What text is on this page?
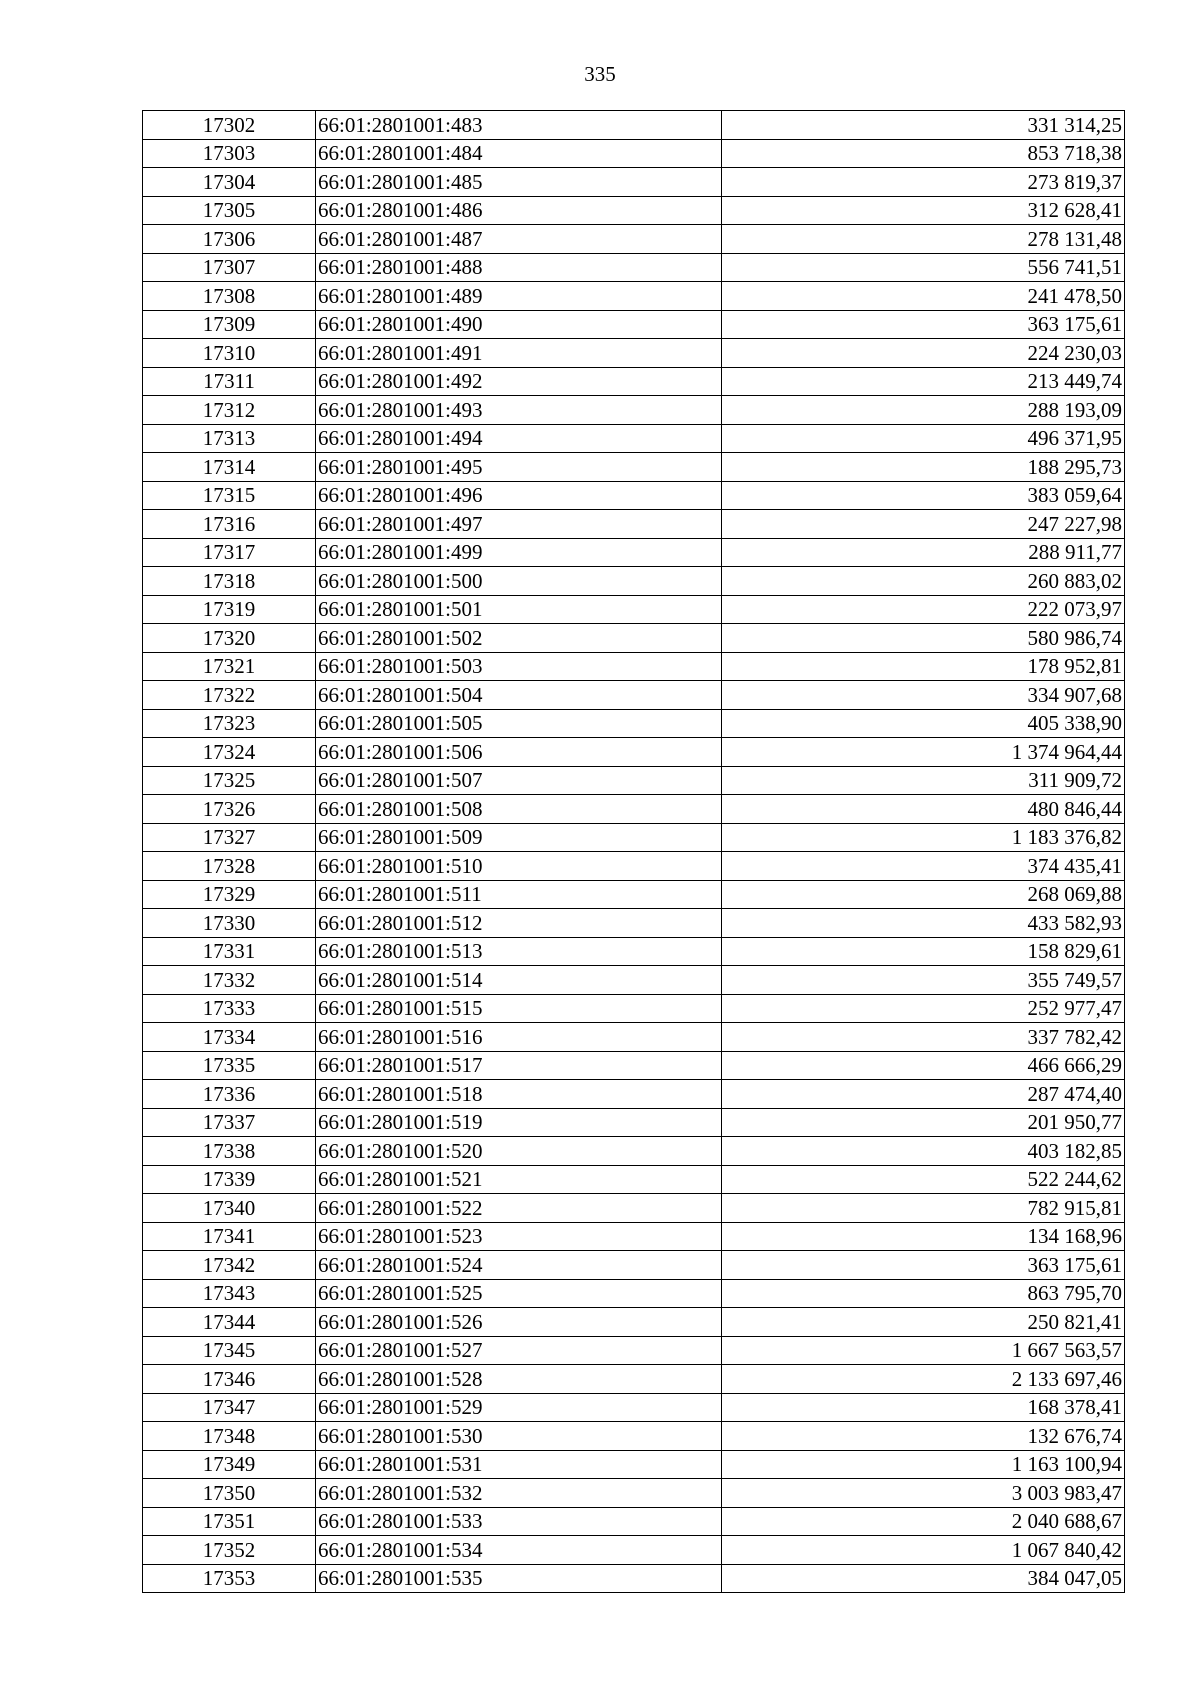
335
17302	66:01:2801001:483	331 314,25
17303	66:01:2801001:484	853 718,38
17304	66:01:2801001:485	273 819,37
17305	66:01:2801001:486	312 628,41
17306	66:01:2801001:487	278 131,48
17307	66:01:2801001:488	556 741,51
17308	66:01:2801001:489	241 478,50
17309	66:01:2801001:490	363 175,61
17310	66:01:2801001:491	224 230,03
17311	66:01:2801001:492	213 449,74
17312	66:01:2801001:493	288 193,09
17313	66:01:2801001:494	496 371,95
17314	66:01:2801001:495	188 295,73
17315	66:01:2801001:496	383 059,64
17316	66:01:2801001:497	247 227,98
17317	66:01:2801001:499	288 911,77
17318	66:01:2801001:500	260 883,02
17319	66:01:2801001:501	222 073,97
17320	66:01:2801001:502	580 986,74
17321	66:01:2801001:503	178 952,81
17322	66:01:2801001:504	334 907,68
17323	66:01:2801001:505	405 338,90
17324	66:01:2801001:506	1 374 964,44
17325	66:01:2801001:507	311 909,72
17326	66:01:2801001:508	480 846,44
17327	66:01:2801001:509	1 183 376,82
17328	66:01:2801001:510	374 435,41
17329	66:01:2801001:511	268 069,88
17330	66:01:2801001:512	433 582,93
17331	66:01:2801001:513	158 829,61
17332	66:01:2801001:514	355 749,57
17333	66:01:2801001:515	252 977,47
17334	66:01:2801001:516	337 782,42
17335	66:01:2801001:517	466 666,29
17336	66:01:2801001:518	287 474,40
17337	66:01:2801001:519	201 950,77
17338	66:01:2801001:520	403 182,85
17339	66:01:2801001:521	522 244,62
17340	66:01:2801001:522	782 915,81
17341	66:01:2801001:523	134 168,96
17342	66:01:2801001:524	363 175,61
17343	66:01:2801001:525	863 795,70
17344	66:01:2801001:526	250 821,41
17345	66:01:2801001:527	1 667 563,57
17346	66:01:2801001:528	2 133 697,46
17347	66:01:2801001:529	168 378,41
17348	66:01:2801001:530	132 676,74
17349	66:01:2801001:531	1 163 100,94
17350	66:01:2801001:532	3 003 983,47
17351	66:01:2801001:533	2 040 688,67
17352	66:01:2801001:534	1 067 840,42
17353	66:01:2801001:535	384 047,05
